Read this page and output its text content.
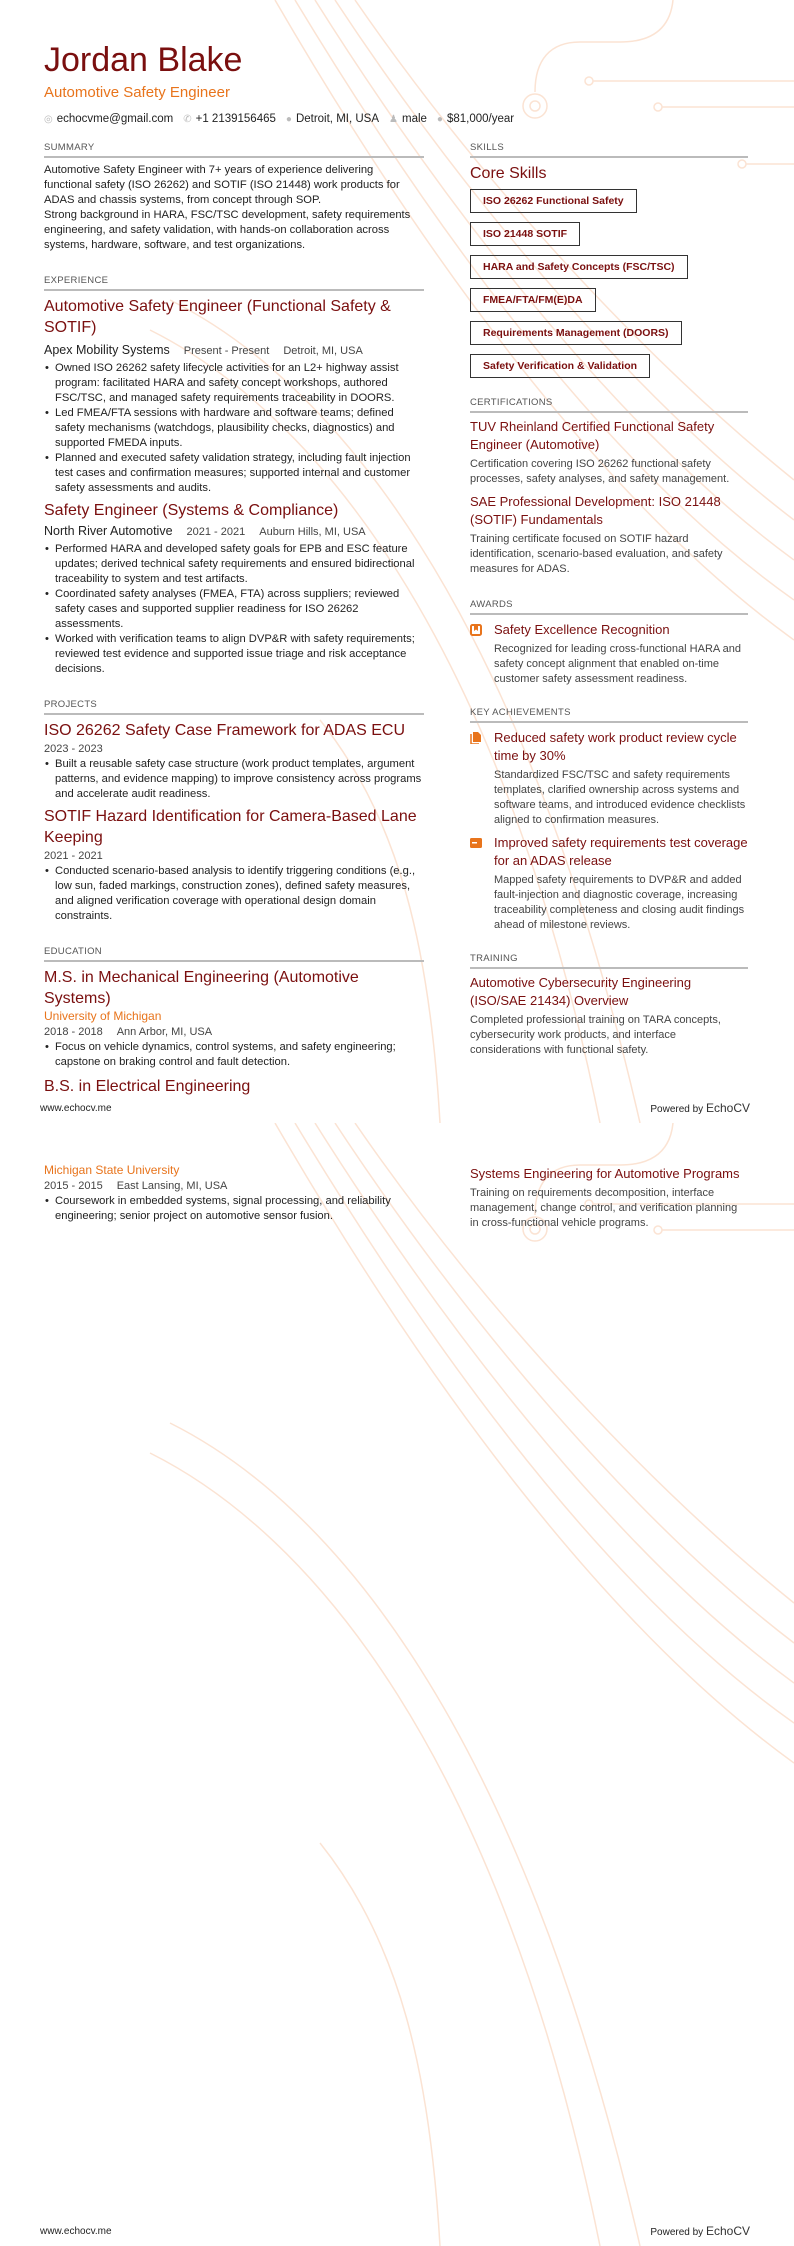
Jordan Blake
Automotive Safety Engineer
◎ echocvme@gmail.com ✆ +1 2139156465 ● Detroit, MI, USA ♟ male ● $81,000/year
SUMMARY

Automotive Safety Engineer with 7+ years of experience delivering functional safety (ISO 26262) and SOTIF (ISO 21448) work products for ADAS and chassis systems, from concept through SOP.

Strong background in HARA, FSC/TSC development, safety requirements engineering, and safety validation, with hands-on collaboration across systems, hardware, software, and test organizations.

EXPERIENCE
Automotive Safety Engineer (Functional Safety & SOTIF)
Apex Mobility Systems Present - Present Detroit, MI, USA
• Owned ISO 26262 safety lifecycle activities for an L2+ highway assist program: facilitated HARA and safety concept workshops, authored FSC/TSC, and managed safety requirements traceability in DOORS.
• Led FMEA/FTA sessions with hardware and software teams; defined safety mechanisms (watchdogs, plausibility checks, diagnostics) and supported FMEDA inputs.
• Planned and executed safety validation strategy, including fault injection test cases and confirmation measures; supported internal and customer safety assessments and audits.
Safety Engineer (Systems & Compliance)
North River Automotive 2021 - 2021 Auburn Hills, MI, USA
• Performed HARA and developed safety goals for EPB and ESC feature updates; derived technical safety requirements and ensured bidirectional traceability to system and test artifacts.
• Coordinated safety analyses (FMEA, FTA) across suppliers; reviewed safety cases and supported supplier readiness for ISO 26262 assessments.
• Worked with verification teams to align DVP&R with safety requirements; reviewed test evidence and supported issue triage and risk acceptance decisions.
PROJECTS
ISO 26262 Safety Case Framework for ADAS ECU
2023 - 2023
• Built a reusable safety case structure (work product templates, argument patterns, and evidence mapping) to improve consistency across programs and accelerate audit readiness.
SOTIF Hazard Identification for Camera-Based Lane Keeping
2021 - 2021
• Conducted scenario-based analysis to identify triggering conditions (e.g., low sun, faded markings, construction zones), defined safety measures, and aligned verification coverage with operational design domain constraints.
EDUCATION
M.S. in Mechanical Engineering (Automotive Systems)
University of Michigan
2018 - 2018 Ann Arbor, MI, USA
• Focus on vehicle dynamics, control systems, and safety engineering; capstone on braking control and fault detection.
B.S. in Electrical Engineering
SKILLS
Core Skills
ISO 26262 Functional Safety
ISO 21448 SOTIF
HARA and Safety Concepts (FSC/TSC)
FMEA/FTA/FM(E)DA
Requirements Management (DOORS)
Safety Verification & Validation
CERTIFICATIONS
TUV Rheinland Certified Functional Safety Engineer (Automotive)
Certification covering ISO 26262 functional safety processes, safety analyses, and safety management.
SAE Professional Development: ISO 21448 (SOTIF) Fundamentals
Training certificate focused on SOTIF hazard identification, scenario-based evaluation, and safety measures for ADAS.
AWARDS
Safety Excellence Recognition
Recognized for leading cross-functional HARA and safety concept alignment that enabled on-time customer safety assessment readiness.
KEY ACHIEVEMENTS
Reduced safety work product review cycle time by 30%
Standardized FSC/TSC and safety requirements templates, clarified ownership across systems and software teams, and introduced evidence checklists aligned to confirmation measures.
Improved safety requirements test coverage for an ADAS release
Mapped safety requirements to DVP&R and added fault-injection and diagnostic coverage, increasing traceability completeness and closing audit findings ahead of milestone reviews.
TRAINING
Automotive Cybersecurity Engineering (ISO/SAE 21434) Overview
Completed professional training on TARA concepts, cybersecurity work products, and interface considerations with functional safety.
www.echocv.me	Powered by EchoCV
Michigan State University
2015 - 2015 East Lansing, MI, USA
• Coursework in embedded systems, signal processing, and reliability engineering; senior project on automotive sensor fusion.
Systems Engineering for Automotive Programs
Training on requirements decomposition, interface management, change control, and verification planning in cross-functional vehicle programs.
www.echocv.me	Powered by EchoCV
